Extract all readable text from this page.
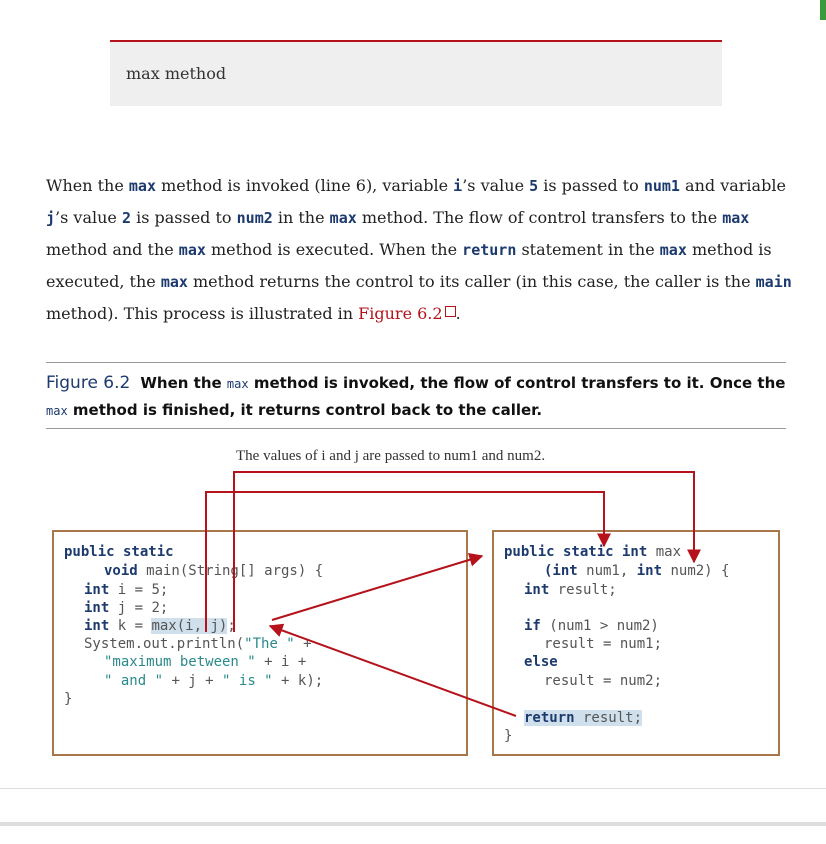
max method
When the max method is invoked (line 6), variable i’s value 5 is passed to num1 and variable j’s value 2 is passed to num2 in the max method. The flow of control transfers to the max method and the max method is executed. When the return statement in the max method is executed, the max method returns the control to its caller (in this case, the caller is the main method). This process is illustrated in Figure 6.2 .
Figure 6.2 When the max method is invoked, the flow of control transfers to it. Once the max method is finished, it returns control back to the caller.
The values of i and j are passed to num1 and num2.
public static
void main(String[] args) {
int i = 5;
int j = 2;
int k = max(i, j);
System.out.println("The " +
"maximum between " + i +
" and " + j + " is " + k);
}
public static int max
(int num1, int num2) {
int result;
if (num1 > num2)
result = num1;
else
result = num2;
return result;
}
